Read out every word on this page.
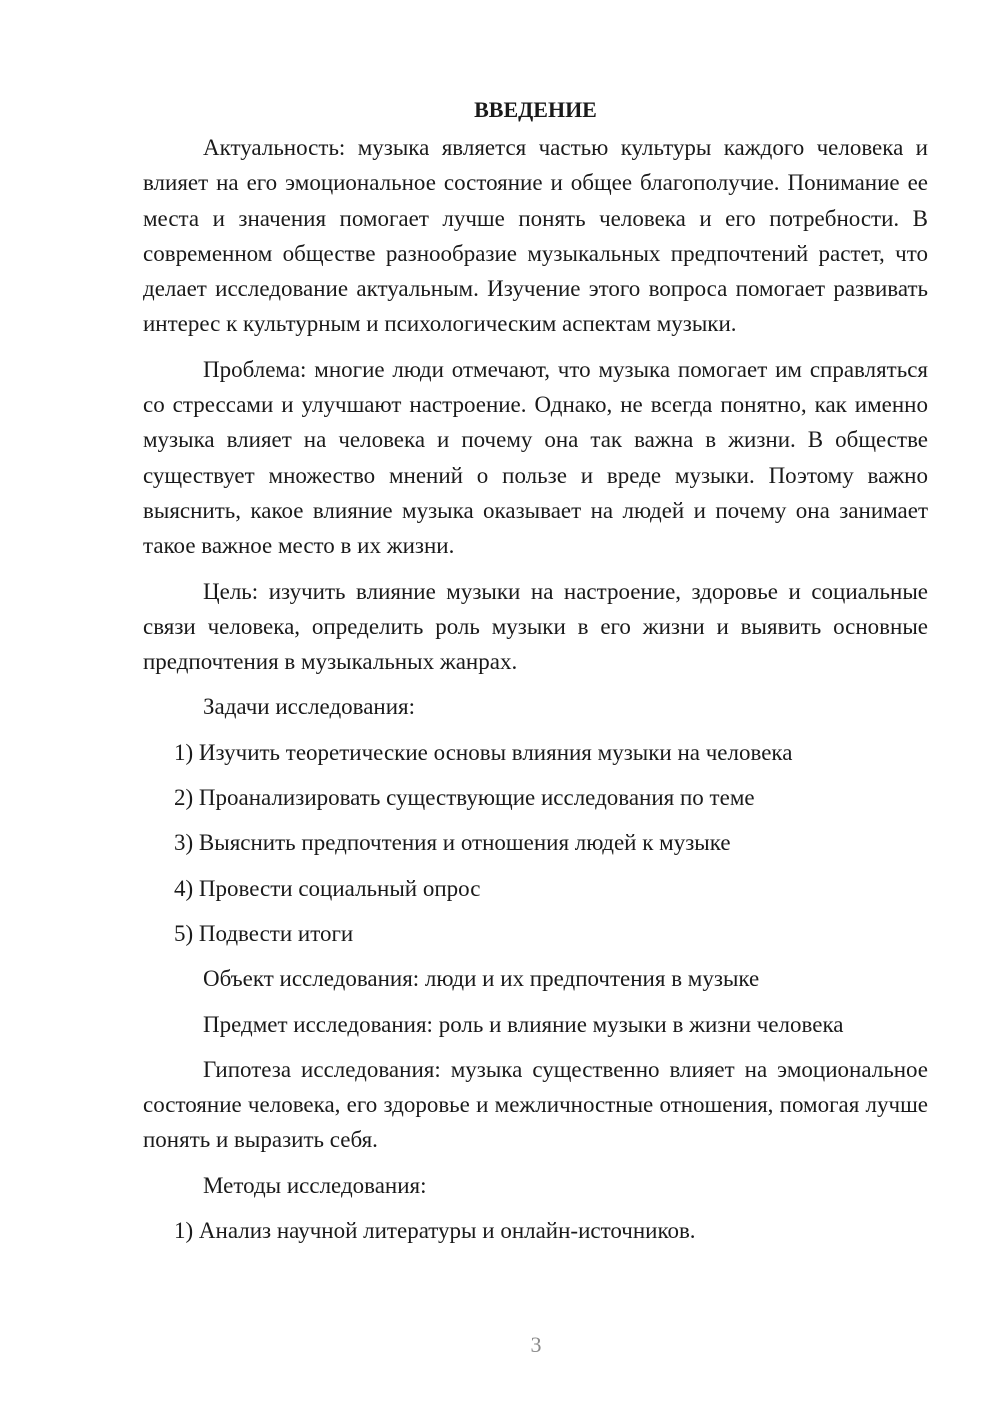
ВВЕДЕНИЕ

Актуальность: музыка является частью культуры каждого человека и влияет на его эмоциональное состояние и общее благополучие. Понимание ее места и значения помогает лучше понять человека и его потребности. В современном обществе разнообразие музыкальных предпочтений растет, что делает исследование актуальным. Изучение этого вопроса помогает развивать интерес к культурным и психологическим аспектам музыки.

Проблема: многие люди отмечают, что музыка помогает им справляться со стрессами и улучшают настроение. Однако, не всегда понятно, как именно музыка влияет на человека и почему она так важна в жизни. В обществе существует множество мнений о пользе и вреде музыки. Поэтому важно выяснить, какое влияние музыка оказывает на людей и почему она занимает такое важное место в их жизни.

Цель: изучить влияние музыки на настроение, здоровье и социальные связи человека, определить роль музыки в его жизни и выявить основные предпочтения в музыкальных жанрах.

Задачи исследования:

1) Изучить теоретические основы влияния музыки на человека

2) Проанализировать существующие исследования по теме

3) Выяснить предпочтения и отношения людей к музыке

4) Провести социальный опрос

5) Подвести итоги

Объект исследования: люди и их предпочтения в музыке

Предмет исследования: роль и влияние музыки в жизни человека

Гипотеза исследования: музыка существенно влияет на эмоциональное состояние человека, его здоровье и межличностные отношения, помогая лучше понять и выразить себя.

Методы исследования:

1) Анализ научной литературы и онлайн-источников.

3
